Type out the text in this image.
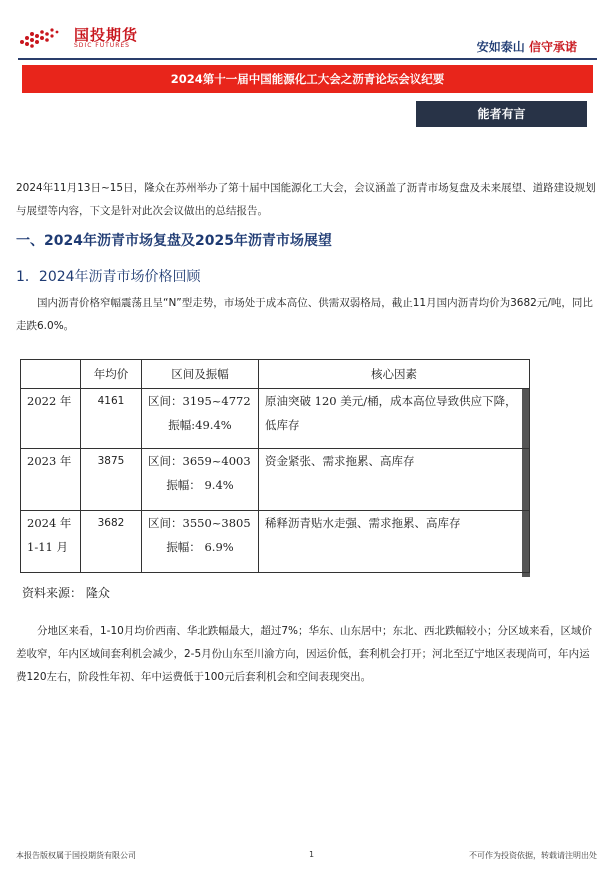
国投期货
SDIC FUTURES	安如泰山 信守承诺
2024第十一届中国能源化工大会之沥青论坛会议纪要
能者有言
2024年11月13日~15日，隆众在苏州举办了第十届中国能源化工大会，会议涵盖了沥青市场复盘及未来展望、道路建设规划与展望等内容，下文是针对此次会议做出的总结报告。
一、2024年沥青市场复盘及2025年沥青市场展望
1．2024年沥青市场价格回顾
国内沥青价格窄幅震荡且呈“N”型走势，市场处于成本高位、供需双弱格局，截止11月国内沥青均价为3682元/吨，同比走跌6.0%。
	年均价	区间及振幅	核心因素

2022 年	4161	区间：3195~4772
振幅:49.4%	原油突破 120 美元/桶，成本高位导致供应下降，低库存

2023 年	3875	区间：3659~4003
振幅： 9.4%	资金紧张、需求拖累、高库存

2024 年
1-11 月	3682	区间：3550~3805
振幅： 6.9%	稀释沥青贴水走强、需求拖累、高库存
资料来源： 隆众
分地区来看，1-10月均价西南、华北跌幅最大，超过7%；华东、山东居中；东北、西北跌幅较小；分区域来看，区域价差收窄，年内区域间套利机会减少，2-5月份山东至川渝方向，因运价低，套利机会打开；河北至辽宁地区表现尚可，年内运费120左右，阶段性年初、年中运费低于100元后套利机会和空间表现突出。
本报告版权属于国投期货有限公司	1	不可作为投资依据，转载请注明出处
